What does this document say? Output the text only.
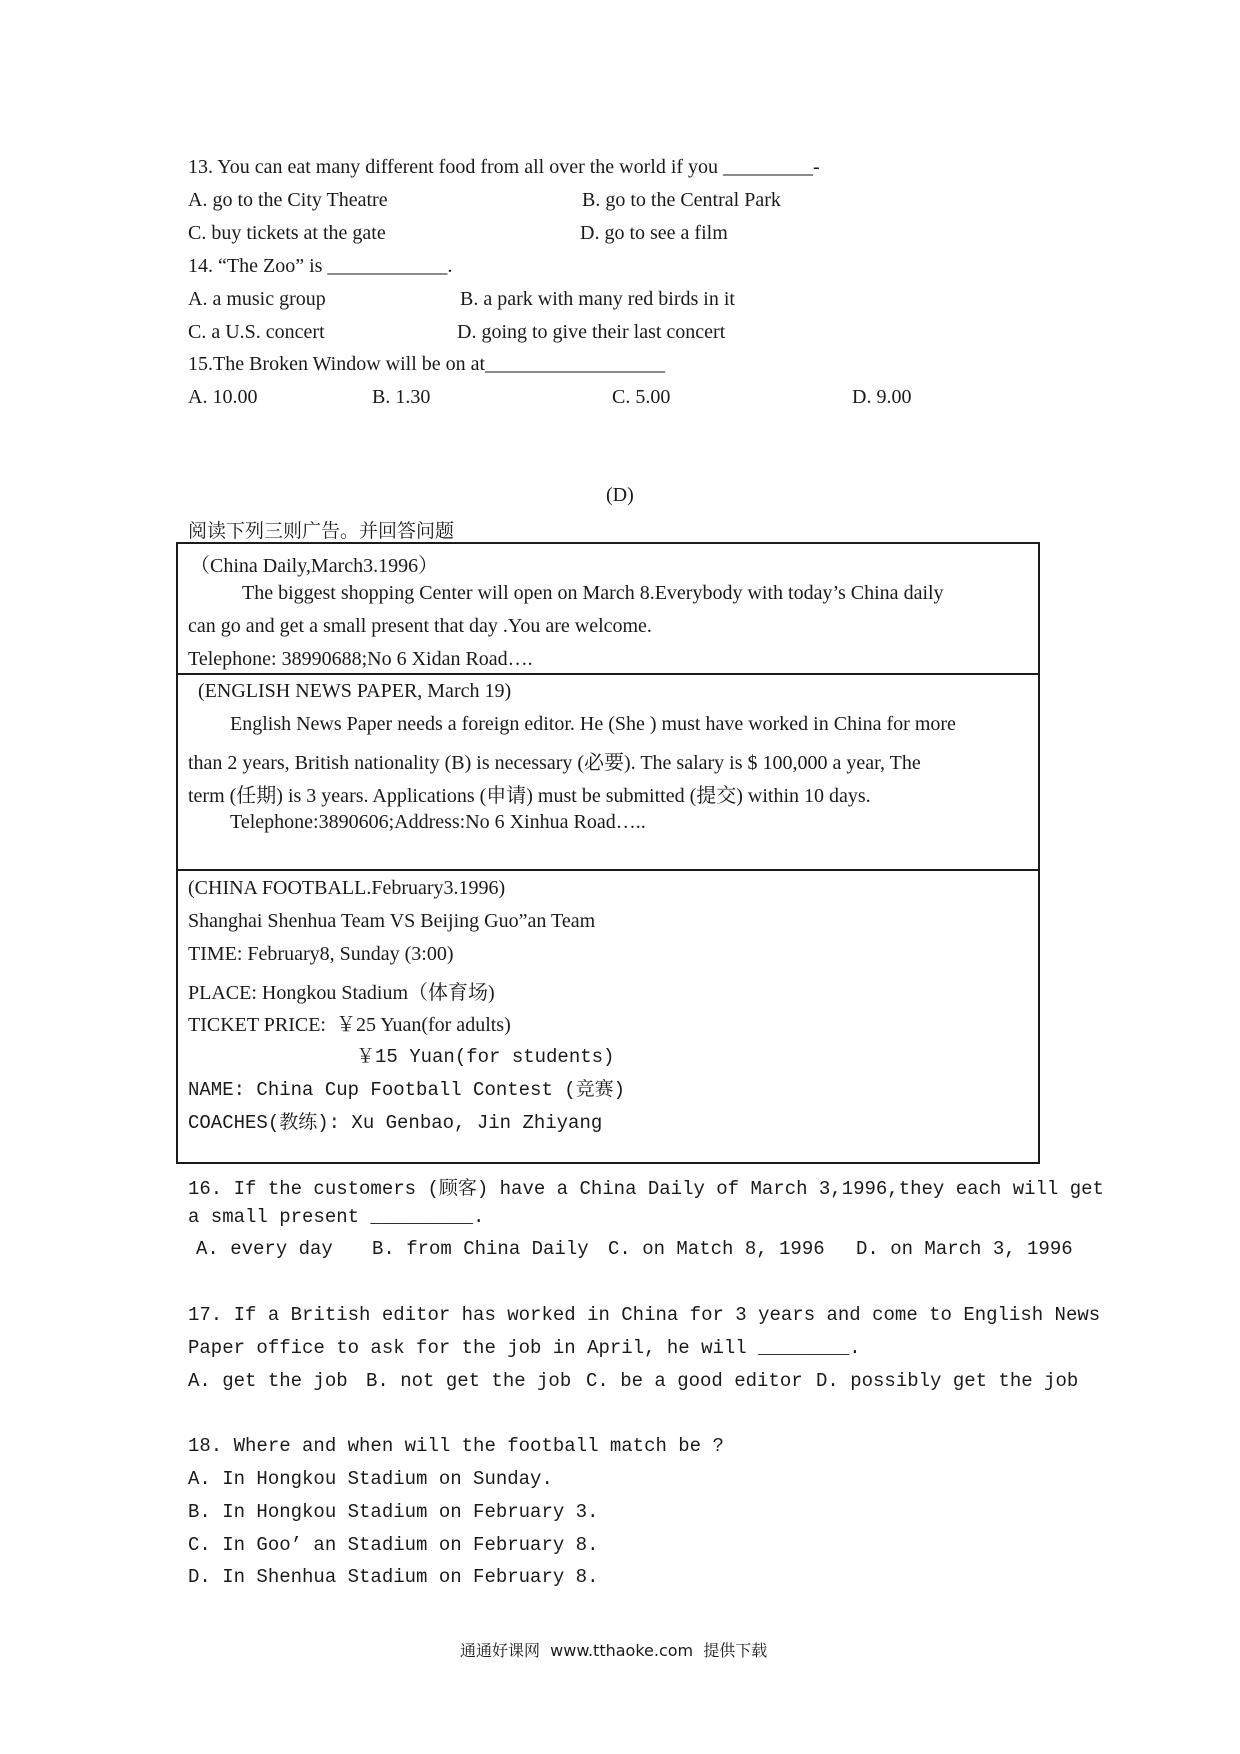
13. You can eat many different food from all over the world if you _________-
A. go to the City Theatre	B. go to the Central Park
C. buy tickets at the gate	D. go to see a film
14. “The Zoo” is ____________.
A. a music group	B. a park with many red birds in it
C. a U.S. concert	D. going to give their last concert
15.The Broken Window will be on at__________________
A. 10.00	B. 1.30	C. 5.00	D. 9.00
(D)
阅读下列三则广告。并回答问题
（China Daily,March3.1996）
The biggest shopping Center will open on March 8.Everybody with today’s China daily
can go and get a small present that day .You are welcome.
Telephone: 38990688;No 6 Xidan Road….
(ENGLISH NEWS PAPER, March 19)
English News Paper needs a foreign editor. He (She ) must have worked in China for more
than 2 years, British nationality (B) is necessary (必要). The salary is $ 100,000 a year, The
term (任期) is 3 years. Applications (申请) must be submitted (提交) within 10 days.
Telephone:3890606;Address:No 6 Xinhua Road…..
(CHINA FOOTBALL.February3.1996)
Shanghai Shenhua Team VS Beijing Guo”an Team
TIME: February8, Sunday (3:00)
PLACE: Hongkou Stadium（体育场)
TICKET PRICE:  ￥25 Yuan(for adults)
￥15 Yuan(for students)
NAME: China Cup Football Contest (竞赛)
COACHES(教练): Xu Genbao, Jin Zhiyang
16. If the customers (顾客) have a China Daily of March 3,1996,they each will get
a small present _________.
A. every day B. from China Daily C. on Match 8, 1996 D. on March 3, 1996
17. If a British editor has worked in China for 3 years and come to English News
Paper office to ask for the job in April, he will ________.
A. get the job B. not get the job C. be a good editor D. possibly get the job
18. Where and when will the football match be ?
A. In Hongkou Stadium on Sunday.
B. In Hongkou Stadium on February 3.
C. In Goo’ an Stadium on February 8.
D. In Shenhua Stadium on February 8.
通通好课网  www.tthaoke.com  提供下载
